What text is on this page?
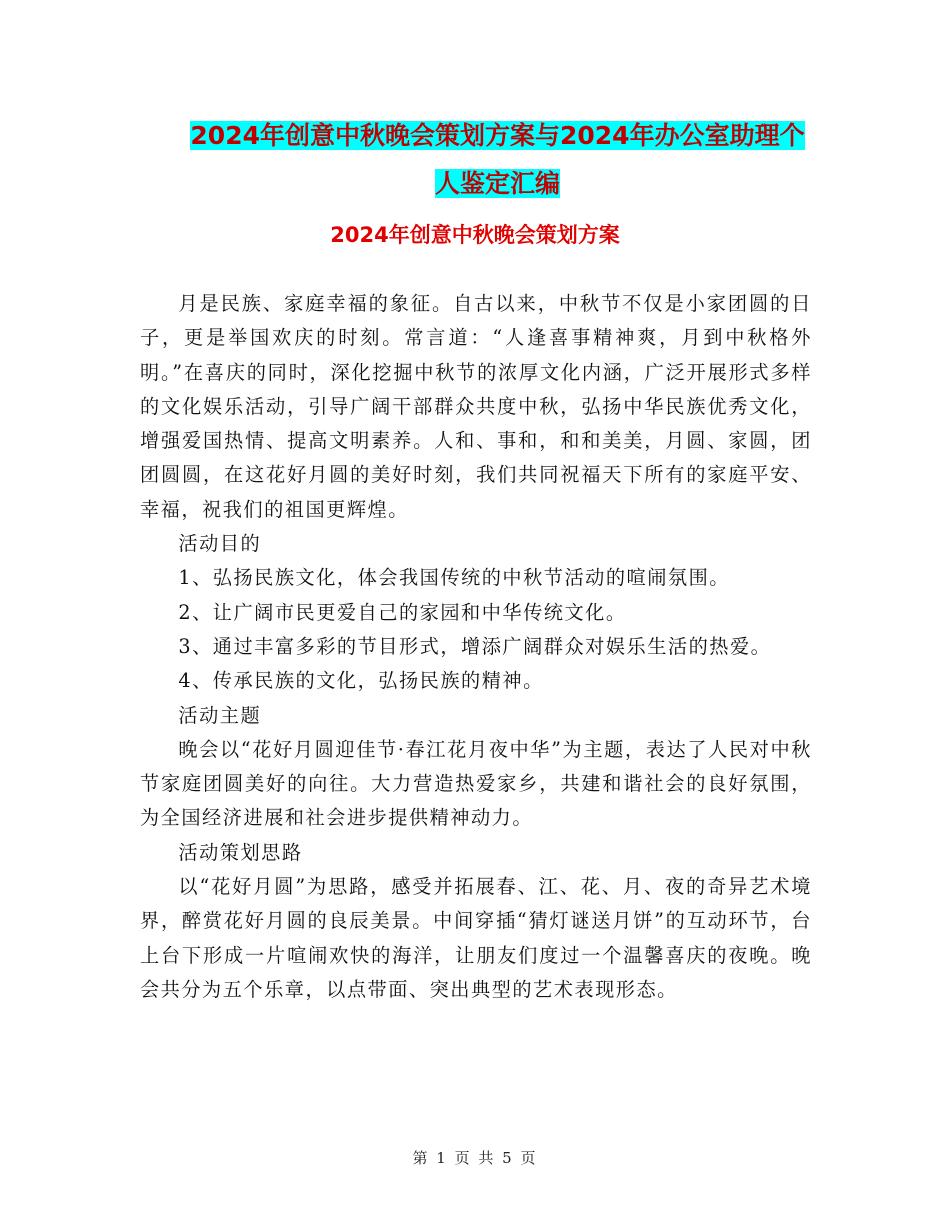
2024年创意中秋晚会策划方案与2024年办公室助理个
人鉴定汇编
2024年创意中秋晚会策划方案

月是民族、家庭幸福的象征。自古以来，中秋节不仅是小家团圆的日子，更是举国欢庆的时刻。常言道：“人逢喜事精神爽，月到中秋格外明。”在喜庆的同时，深化挖掘中秋节的浓厚文化内涵，广泛开展形式多样的文化娱乐活动，引导广阔干部群众共度中秋，弘扬中华民族优秀文化，增强爱国热情、提高文明素养。人和、事和，和和美美，月圆、家圆，团团圆圆，在这花好月圆的美好时刻，我们共同祝福天下所有的家庭平安、幸福，祝我们的祖国更辉煌。

活动目的

1、弘扬民族文化，体会我国传统的中秋节活动的喧闹氛围。

2、让广阔市民更爱自己的家园和中华传统文化。

3、通过丰富多彩的节目形式，增添广阔群众对娱乐生活的热爱。

4、传承民族的文化，弘扬民族的精神。

活动主题

晚会以“花好月圆迎佳节·春江花月夜中华”为主题，表达了人民对中秋节家庭团圆美好的向往。大力营造热爱家乡，共建和谐社会的良好氛围，为全国经济进展和社会进步提供精神动力。

活动策划思路

以“花好月圆”为思路，感受并拓展春、江、花、月、夜的奇异艺术境界，醉赏花好月圆的良辰美景。中间穿插“猜灯谜送月饼”的互动环节，台上台下形成一片喧闹欢快的海洋，让朋友们度过一个温馨喜庆的夜晚。晚会共分为五个乐章，以点带面、突出典型的艺术表现形态。

第 1 页 共 5 页
